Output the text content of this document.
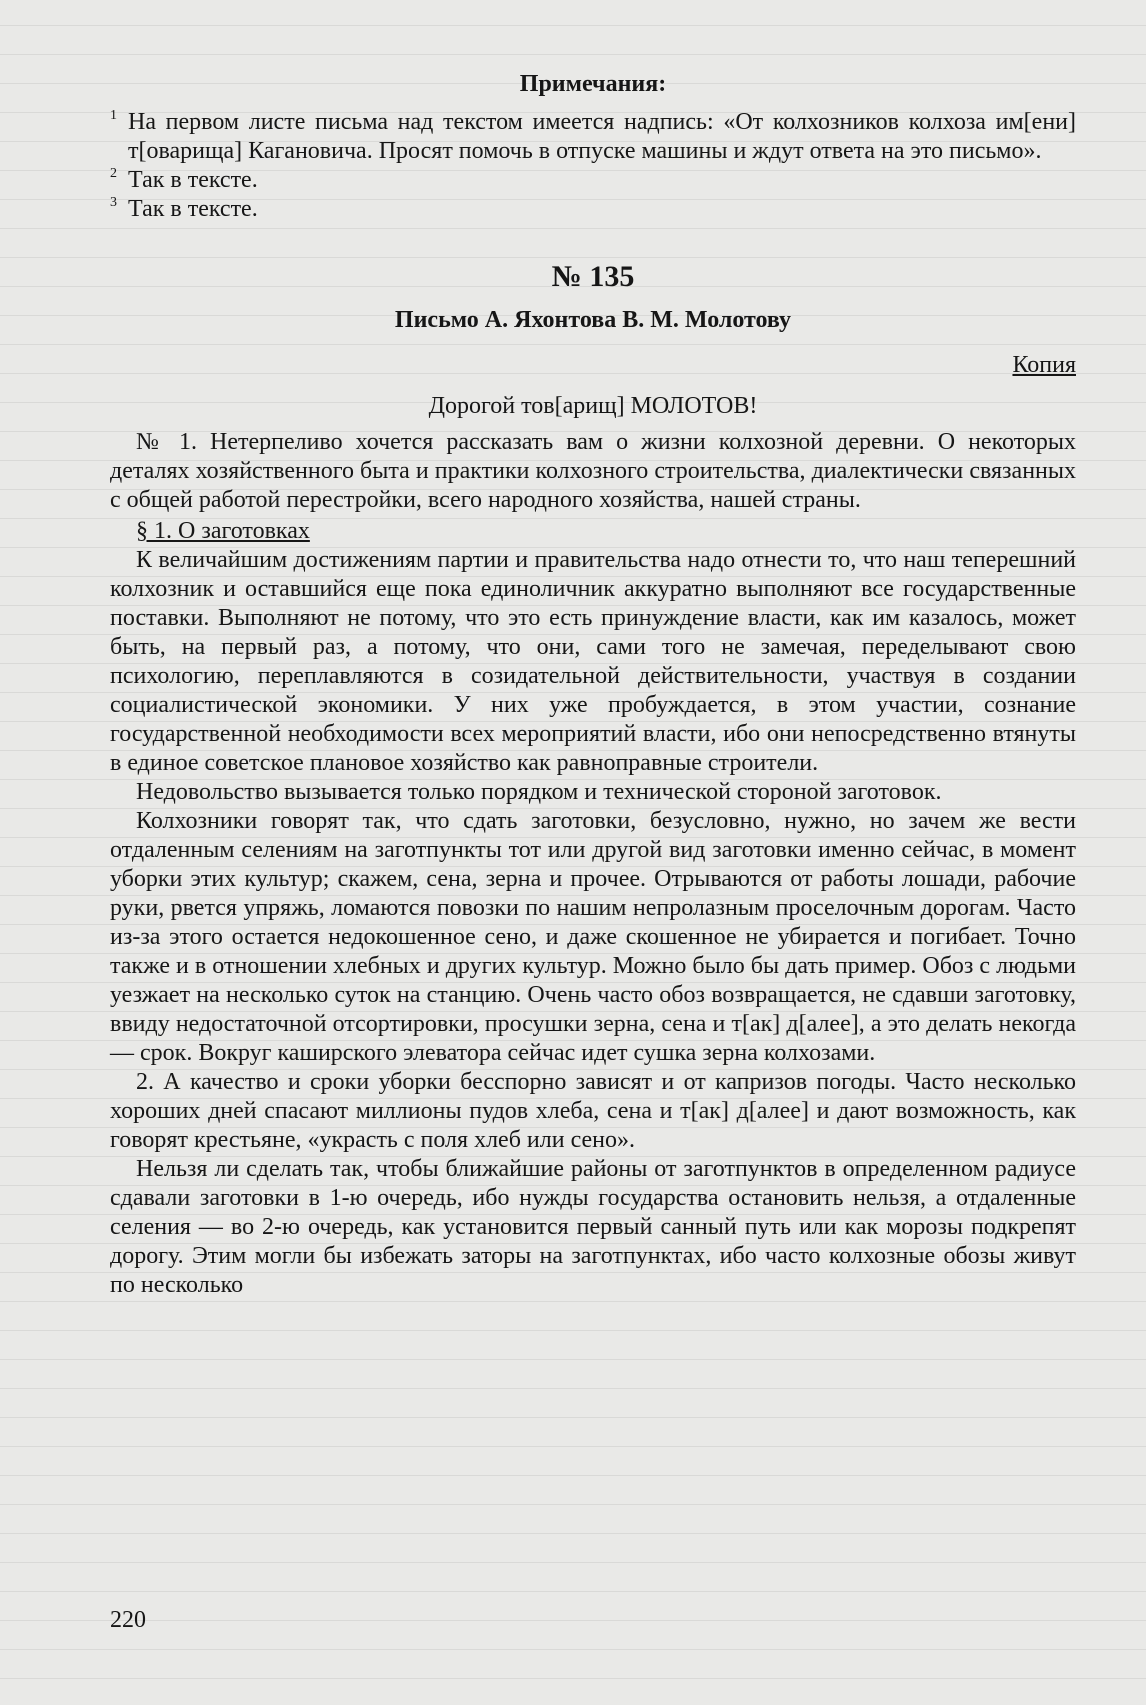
Примечания:
1 На первом листе письма над текстом имеется надпись: «От колхозников колхоза им[ени] т[оварища] Кагановича. Просят помочь в отпуске машины и ждут ответа на это письмо».
2 Так в тексте.
3 Так в тексте.
№ 135
Письмо А. Яхонтова В. М. Молотову
Копия
Дорогой тов[арищ] МОЛОТОВ!

№ 1. Нетерпеливо хочется рассказать вам о жизни колхозной деревни. О некоторых деталях хозяйственного быта и практики колхозного строительства, диалектически связанных с общей работой перестройки, всего народного хозяйства, нашей страны.

§ 1. О заготовках

К величайшим достижениям партии и правительства надо отнести то, что наш теперешний колхозник и оставшийся еще пока единоличник аккуратно выполняют все государственные поставки. Выполняют не потому, что это есть принуждение власти, как им казалось, может быть, на первый раз, а потому, что они, сами того не замечая, переделывают свою психологию, переплавляются в созидательной действительности, участвуя в создании социалистической экономики. У них уже пробуждается, в этом участии, сознание государственной необходимости всех мероприятий власти, ибо они непосредственно втянуты в единое советское плановое хозяйство как равноправные строители.

Недовольство вызывается только порядком и технической стороной заготовок.

Колхозники говорят так, что сдать заготовки, безусловно, нужно, но зачем же вести отдаленным селениям на заготпункты тот или другой вид заготовки именно сейчас, в момент уборки этих культур; скажем, сена, зерна и прочее. Отрываются от работы лошади, рабочие руки, рвется упряжь, ломаются повозки по нашим непролазным проселочным дорогам. Часто из-за этого остается недокошенное сено, и даже скошенное не убирается и погибает. Точно также и в отношении хлебных и других культур. Можно было бы дать пример. Обоз с людьми уезжает на несколько суток на станцию. Очень часто обоз возвращается, не сдавши заготовку, ввиду недостаточной отсортировки, просушки зерна, сена и т[ак] д[алее], а это делать некогда — срок. Вокруг каширского элеватора сейчас идет сушка зерна колхозами.

2. А качество и сроки уборки бесспорно зависят и от капризов погоды. Часто несколько хороших дней спасают миллионы пудов хлеба, сена и т[ак] д[алее] и дают возможность, как говорят крестьяне, «украсть с поля хлеб или сено».

Нельзя ли сделать так, чтобы ближайшие районы от заготпунктов в определенном радиусе сдавали заготовки в 1-ю очередь, ибо нужды государства остановить нельзя, а отдаленные селения — во 2-ю очередь, как установится первый санный путь или как морозы подкрепят дорогу. Этим могли бы избежать заторы на заготпунктах, ибо часто колхозные обозы живут по несколько

220
